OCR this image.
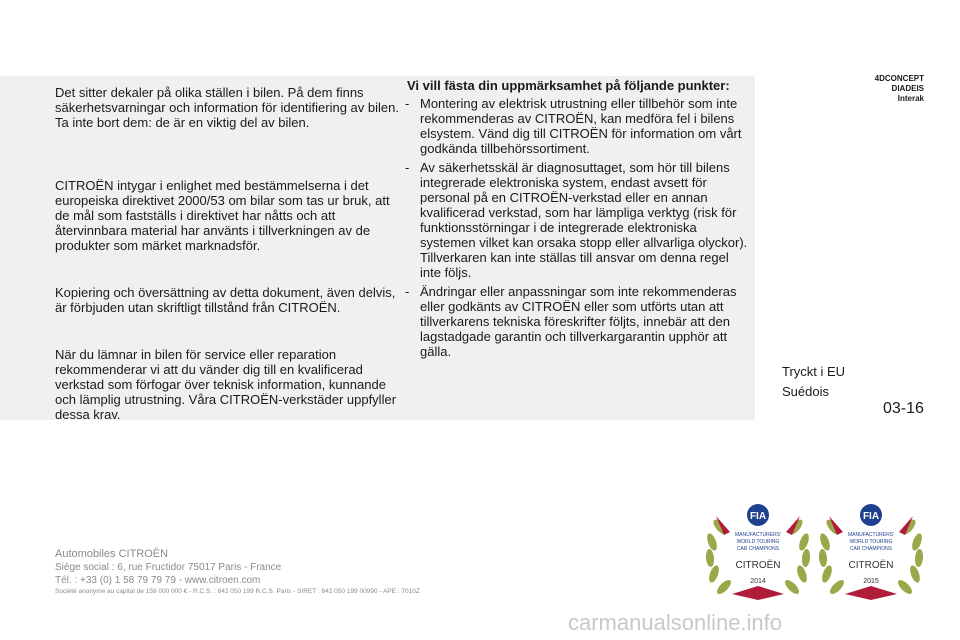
4DCONCEPT
DIADEIS
Interak

Det sitter dekaler på olika ställen i bilen. På dem finns säkerhetsvarningar och information för identifiering av bilen. Ta inte bort dem: de är en viktig del av bilen.

CITROËN intygar i enlighet med bestämmelserna i det europeiska direktivet 2000/53 om bilar som tas ur bruk, att de mål som fastställs i direktivet har nåtts och att återvinnbara material har använts i tillverkningen av de produkter som märket marknadsför.

Kopiering och översättning av detta dokument, även delvis, är förbjuden utan skriftligt tillstånd från CITROËN.

När du lämnar in bilen för service eller reparation rekommenderar vi att du vänder dig till en kvalificerad verkstad som förfogar över teknisk information, kunnande och lämplig utrustning. Våra CITROËN-verkstäder uppfyller dessa krav.

Vi vill fästa din uppmärksamhet på följande punkter:
- Montering av elektrisk utrustning eller tillbehör som inte rekommenderas av CITROËN, kan medföra fel i bilens elsystem. Vänd dig till CITROËN för information om vårt godkända tillbehörssortiment.
- Av säkerhetsskäl är diagnosuttaget, som hör till bilens integrerade elektroniska system, endast avsett för personal på en CITROËN-verkstad eller en annan kvalificerad verkstad, som har lämpliga verktyg (risk för funktionsstörningar i de integrerade elektroniska systemen vilket kan orsaka stopp eller allvarliga olyckor). Tillverkaren kan inte ställas till ansvar om denna regel inte följs.
- Ändringar eller anpassningar som inte rekommenderas eller godkänts av CITROËN eller som utförts utan att tillverkarens tekniska föreskrifter följts, innebär att den lagstadgade garantin och tillverkargarantin upphör att gälla.
Tryckt i EU
Suédois
03-16
Automobiles CITROËN
Siège social : 6, rue Fructidor 75017 Paris - France
Tél. : +33 (0) 1 58 79 79 79 - www.citroen.com
Société anonyme au capital de 159 000 000 € - R.C.S. : 642 050 199 R.C.S. Paris - SIRET : 642 050 199 00990 - APE : 7010Z
FIA
MANUFACTURERS'
WORLD TOURING
CAR CHAMPIONS
CITROËN
2014
FIA
MANUFACTURERS'
WORLD TOURING
CAR CHAMPIONS
CITROËN
2015
carmanualsonline.info
